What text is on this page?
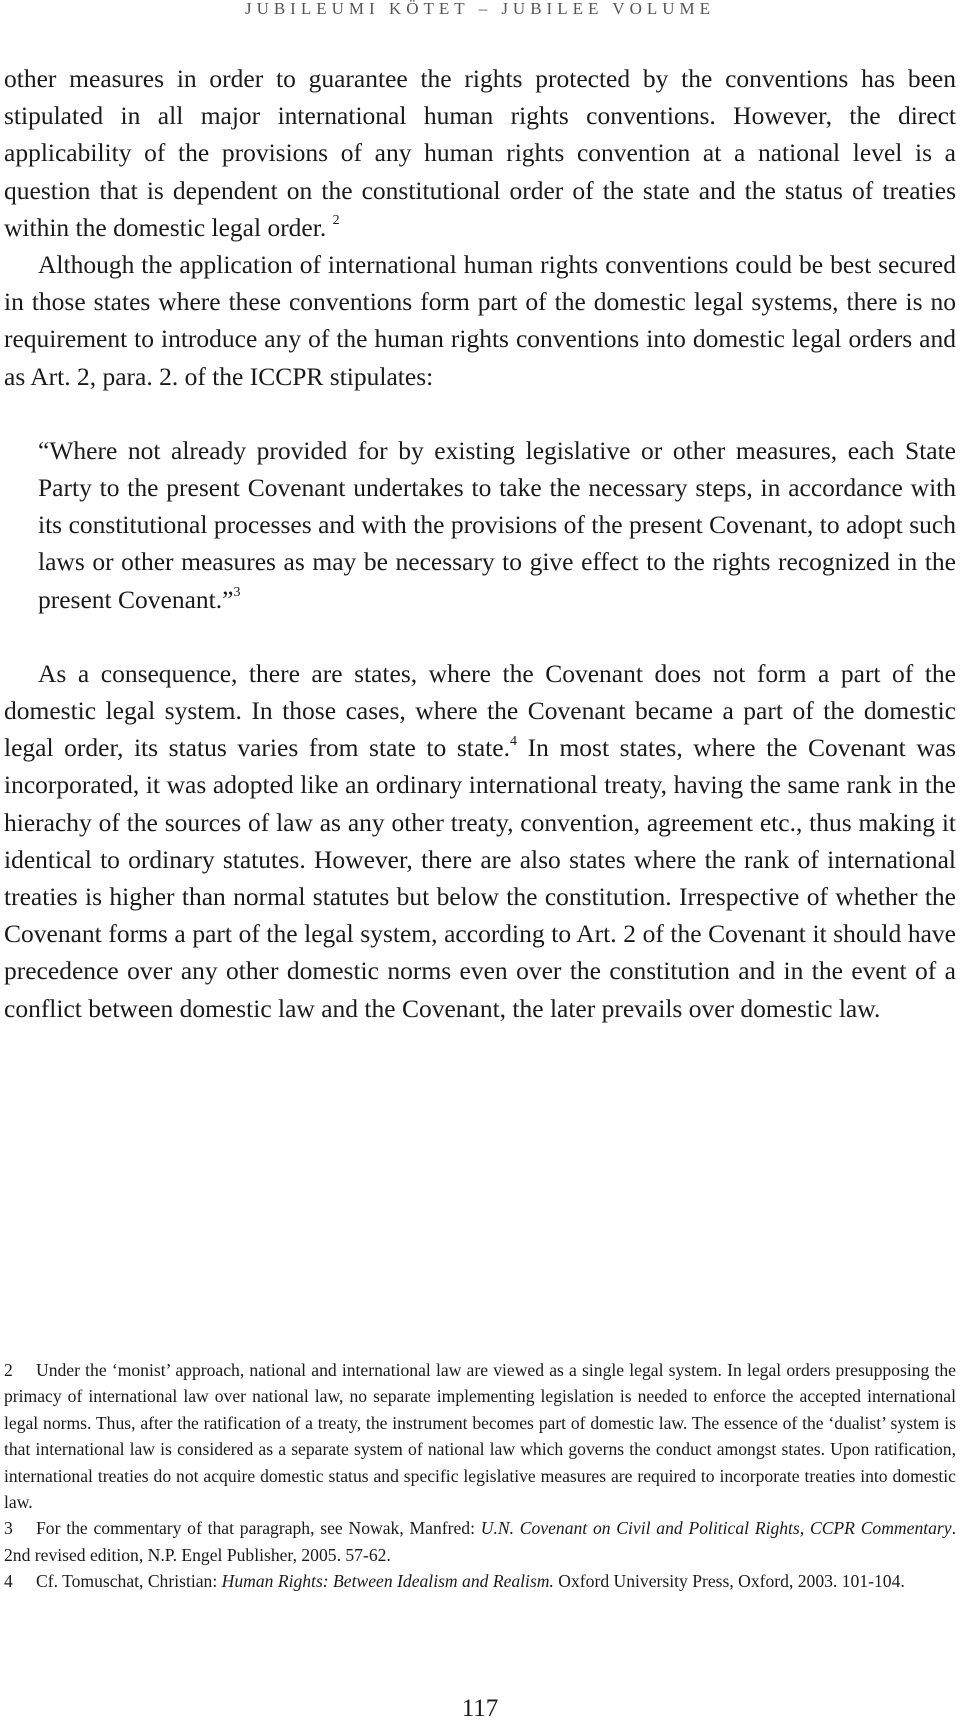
JUBILEUMI KÖTET – JUBILEE VOLUME

other measures in order to guarantee the rights protected by the conventions has been stipulated in all major international human rights conventions. However, the direct applicability of the provisions of any human rights convention at a national level is a question that is dependent on the constitutional order of the state and the status of treaties within the domestic legal order. $^2$

Although the application of international human rights conventions could be best secured in those states where these conventions form part of the domestic legal systems, there is no requirement to introduce any of the human rights conventions into domestic legal orders and as Art. 2, para. 2. of the ICCPR stipulates:

“Where not already provided for by existing legislative or other measures, each State Party to the present Covenant undertakes to take the necessary steps, in accordance with its constitutional processes and with the provisions of the present Covenant, to adopt such laws or other measures as may be necessary to give effect to the rights recognized in the present Covenant.”$^3$

As a consequence, there are states, where the Covenant does not form a part of the domestic legal system. In those cases, where the Covenant became a part of the domestic legal order, its status varies from state to state.$^4$ In most states, where the Covenant was incorporated, it was adopted like an ordinary international treaty, having the same rank in the hierachy of the sources of law as any other treaty, convention, agreement etc., thus making it identical to ordinary statutes. However, there are also states where the rank of international treaties is higher than normal statutes but below the constitution. Irrespective of whether the Covenant forms a part of the legal system, according to Art. 2 of the Covenant it should have precedence over any other domestic norms even over the constitution and in the event of a conflict between domestic law and the Covenant, the later prevails over domestic law.

2 Under the ‘monist’ approach, national and international law are viewed as a single legal system. In legal orders presupposing the primacy of international law over national law, no separate implementing legislation is needed to enforce the accepted international legal norms. Thus, after the ratification of a treaty, the instrument becomes part of domestic law. The essence of the ‘dualist’ system is that international law is considered as a separate system of national law which governs the conduct amongst states. Upon ratification, international treaties do not acquire domestic status and specific legislative measures are required to incorporate treaties into domestic law.

3 For the commentary of that paragraph, see Nowak, Manfred: U.N. Covenant on Civil and Political Rights, CCPR Commentary. 2nd revised edition, N.P. Engel Publisher, 2005. 57-62.

4 Cf. Tomuschat, Christian: Human Rights: Between Idealism and Realism. Oxford University Press, Oxford, 2003. 101-104.

117
